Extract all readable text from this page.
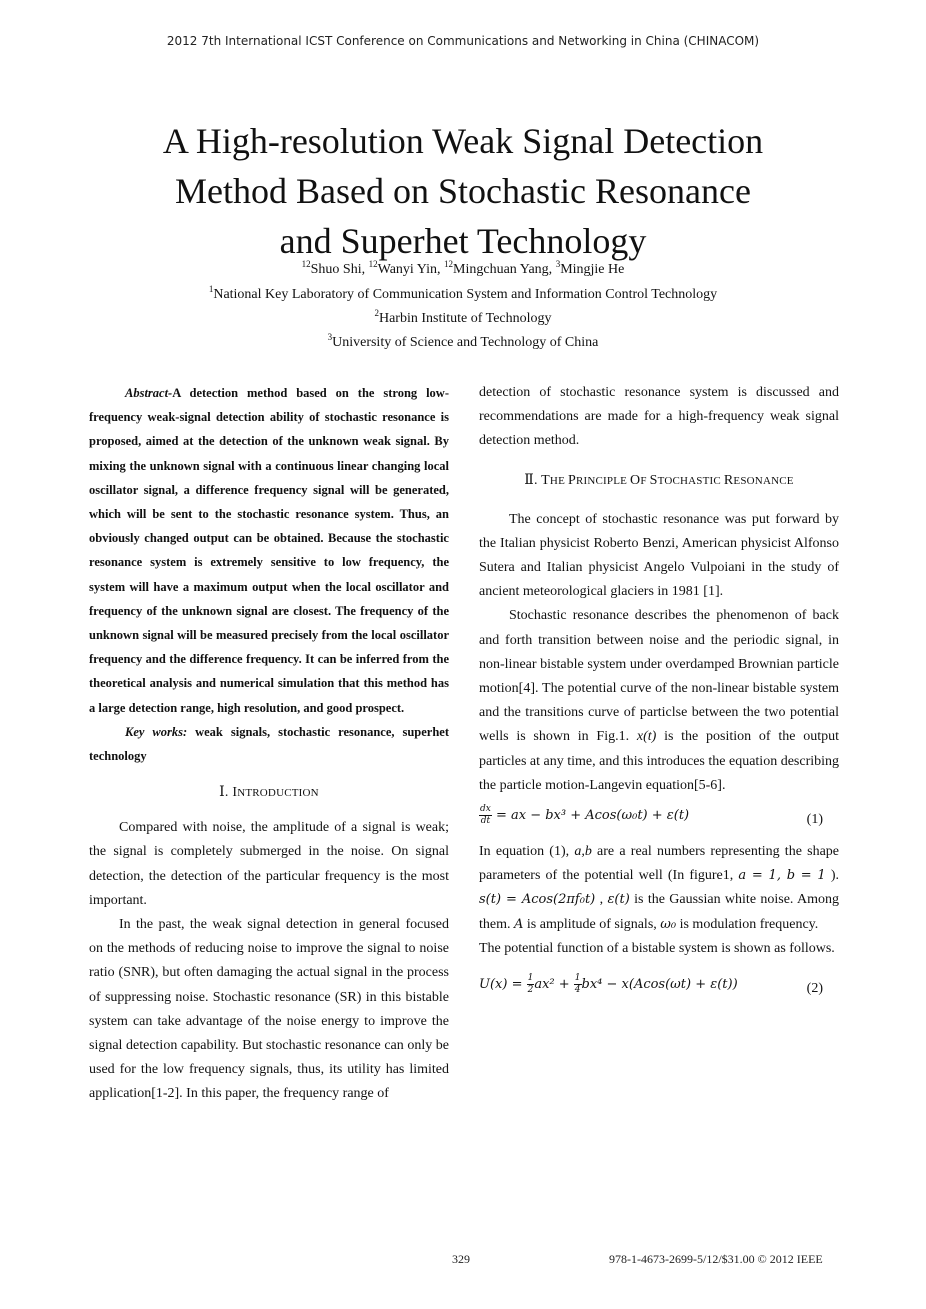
2012 7th International ICST Conference on Communications and Networking in China (CHINACOM)
A High-resolution Weak Signal Detection
Method Based on Stochastic Resonance
and Superhet Technology
$^{12}$Shuo Shi, $^{12}$Wanyi Yin, $^{12}$Mingchuan Yang, $^3$Mingjie He
$^1$National Key Laboratory of Communication System and Information Control Technology
$^2$Harbin Institute of Technology
$^3$University of Science and Technology of China

Abstract-A detection method based on the strong low-frequency weak-signal detection ability of stochastic resonance is proposed, aimed at the detection of the unknown weak signal. By mixing the unknown signal with a continuous linear changing local oscillator signal, a difference frequency signal will be generated, which will be sent to the stochastic resonance system. Thus, an obviously changed output can be obtained. Because the stochastic resonance system is extremely sensitive to low frequency, the system will have a maximum output when the local oscillator and frequency of the unknown signal are closest. The frequency of the unknown signal will be measured precisely from the local oscillator frequency and the difference frequency. It can be inferred from the theoretical analysis and numerical simulation that this method has a large detection range, high resolution, and good prospect.

Key works: weak signals, stochastic resonance, superhet technology

Ⅰ. INTRODUCTION

Compared with noise, the amplitude of a signal is weak; the signal is completely submerged in the noise. On signal detection, the detection of the particular frequency is the most important.

In the past, the weak signal detection in general focused on the methods of reducing noise to improve the signal to noise ratio (SNR), but often damaging the actual signal in the process of suppressing noise. Stochastic resonance (SR) in this bistable system can take advantage of the noise energy to improve the signal detection capability. But stochastic resonance can only be used for the low frequency signals, thus, its utility has limited application[1-2]. In this paper, the frequency range of

detection of stochastic resonance system is discussed and recommendations are made for a high-frequency weak signal detection method.

Ⅱ. THE PRINCIPLE OF STOCHASTIC RESONANCE

The concept of stochastic resonance was put forward by the Italian physicist Roberto Benzi, American physicist Alfonso Sutera and Italian physicist Angelo Vulpoiani in the study of ancient meteorological glaciers in 1981 [1].

Stochastic resonance describes the phenomenon of back and forth transition between noise and the periodic signal, in non-linear bistable system under overdamped Brownian particle motion[4]. The potential curve of the non-linear bistable system and the transitions curve of particlse between the two potential wells is shown in Fig.1. x(t) is the position of the output particles at any time, and this introduces the equation describing the particle motion-Langevin equation[5-6].

$\frac{dx}{dt}$ = ax − bx³ + Acos(ω₀t) + ε(t)	(1)

In equation (1), a,b are a real numbers representing the shape parameters of the potential well (In figure1, a = 1, b = 1 ). s(t) = Acos(2πf₀t) , ε(t) is the Gaussian white noise. Among them. A is amplitude of signals, ω₀ is modulation frequency.

The potential function of a bistable system is shown as follows.

$U(x) = \frac{1}{2} ax^2 + \frac{1}{4} bx^4 - x(Acos(\omega t) + \varepsilon(t))$	(2)
329	978-1-4673-2699-5/12/$31.00 © 2012 IEEE
